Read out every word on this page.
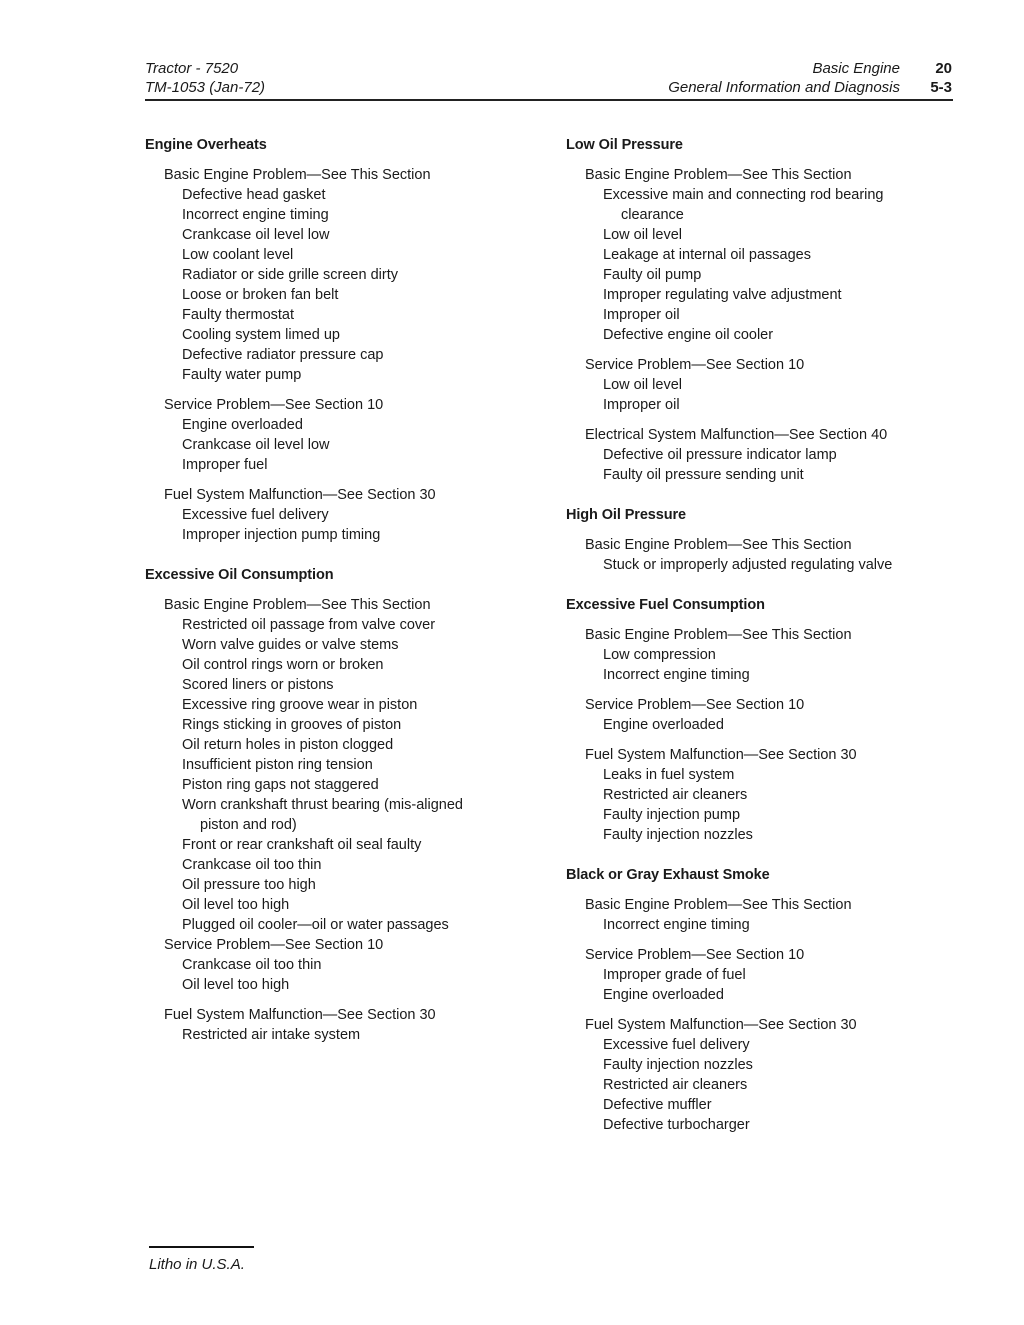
Tractor - 7520
TM-1053 (Jan-72)
Basic Engine
General Information and Diagnosis
20
5-3
Engine Overheats
Basic Engine Problem—See This Section
Defective head gasket
Incorrect engine timing
Crankcase oil level low
Low coolant level
Radiator or side grille screen dirty
Loose or broken fan belt
Faulty thermostat
Cooling system limed up
Defective radiator pressure cap
Faulty water pump
Service Problem—See Section 10
Engine overloaded
Crankcase oil level low
Improper fuel
Fuel System Malfunction—See Section 30
Excessive fuel delivery
Improper injection pump timing
Excessive Oil Consumption
Basic Engine Problem—See This Section
Restricted oil passage from valve cover
Worn valve guides or valve stems
Oil control rings worn or broken
Scored liners or pistons
Excessive ring groove wear in piston
Rings sticking in grooves of piston
Oil return holes in piston clogged
Insufficient piston ring tension
Piston ring gaps not staggered
Worn crankshaft thrust bearing (mis-aligned piston and rod)
Front or rear crankshaft oil seal faulty
Crankcase oil too thin
Oil pressure too high
Oil level too high
Plugged oil cooler—oil or water passages
Service Problem—See Section 10
Crankcase oil too thin
Oil level too high
Fuel System Malfunction—See Section 30
Restricted air intake system
Low Oil Pressure
Basic Engine Problem—See This Section
Excessive main and connecting rod bearing clearance
Low oil level
Leakage at internal oil passages
Faulty oil pump
Improper regulating valve adjustment
Improper oil
Defective engine oil cooler
Service Problem—See Section 10
Low oil level
Improper oil
Electrical System Malfunction—See Section 40
Defective oil pressure indicator lamp
Faulty oil pressure sending unit
High Oil Pressure
Basic Engine Problem—See This Section
Stuck or improperly adjusted regulating valve
Excessive Fuel Consumption
Basic Engine Problem—See This Section
Low compression
Incorrect engine timing
Service Problem—See Section 10
Engine overloaded
Fuel System Malfunction—See Section 30
Leaks in fuel system
Restricted air cleaners
Faulty injection pump
Faulty injection nozzles
Black or Gray Exhaust Smoke
Basic Engine Problem—See This Section
Incorrect engine timing
Service Problem—See Section 10
Improper grade of fuel
Engine overloaded
Fuel System Malfunction—See Section 30
Excessive fuel delivery
Faulty injection nozzles
Restricted air cleaners
Defective muffler
Defective turbocharger
Litho in U.S.A.
